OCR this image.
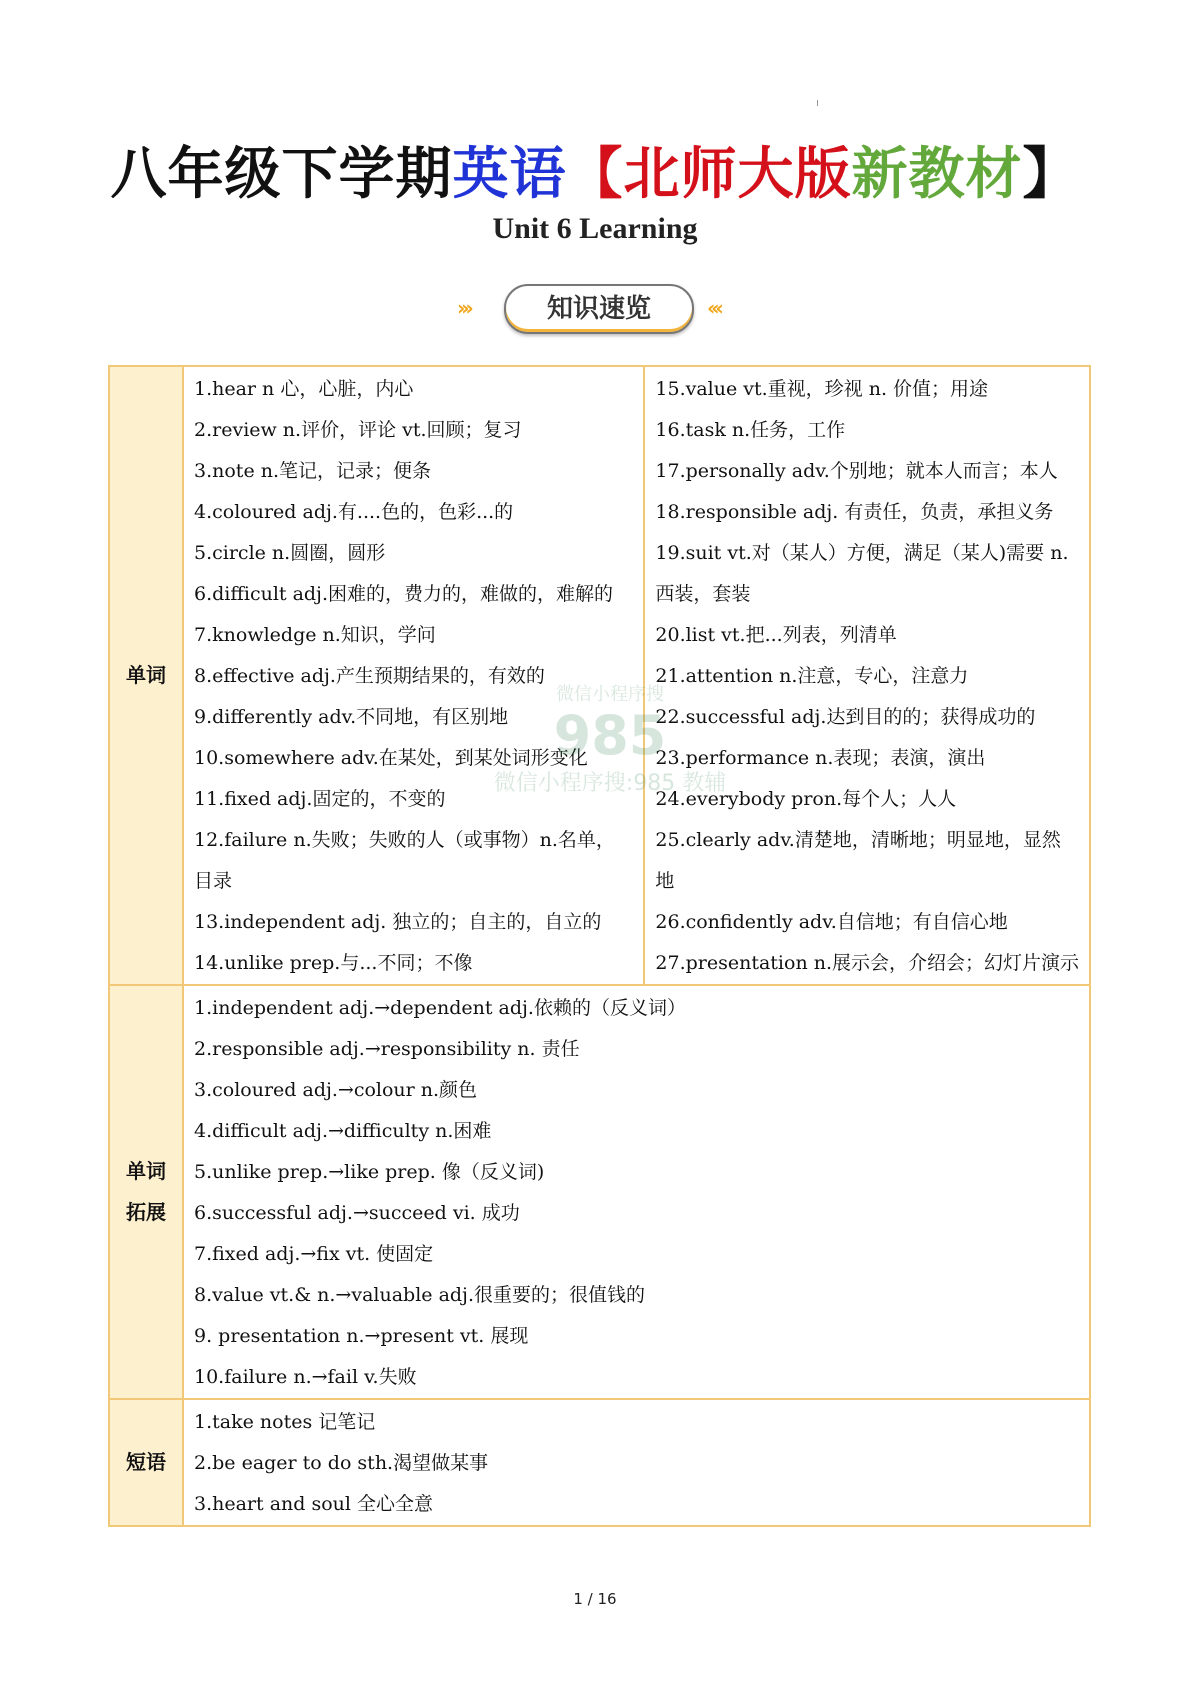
八年级下学期英语【北师大版新教材】
Unit 6 Learning
›››	知识速览	‹‹‹
单词
1.hear n 心，心脏，内心
2.review n.评价，评论 vt.回顾；复习
3.note n.笔记，记录；便条
4.coloured adj.有....色的，色彩...的
5.circle n.圆圈，圆形
6.difficult adj.困难的，费力的，难做的，难解的
7.knowledge n.知识，学问
8.effective adj.产生预期结果的，有效的
9.differently adv.不同地，有区别地
10.somewhere adv.在某处，到某处词形变化
11.fixed adj.固定的，不变的
12.failure n.失败；失败的人（或事物）n.名单，
目录
13.independent adj. 独立的；自主的，自立的
14.unlike prep.与...不同；不像
15.value vt.重视，珍视 n. 价值；用途
16.task n.任务，工作
17.personally adv.个别地；就本人而言；本人
18.responsible adj. 有责任，负责，承担义务
19.suit vt.对（某人）方便，满足（某人)需要 n.
西装，套装
20.list vt.把...列表，列清单
21.attention n.注意，专心，注意力
22.successful adj.达到目的的；获得成功的
23.performance n.表现；表演，演出
24.everybody pron.每个人；人人
25.clearly adv.清楚地，清晰地；明显地，显然
地
26.confidently adv.自信地；有自信心地
27.presentation n.展示会，介绍会；幻灯片演示
单词
拓展
1.independent adj.→dependent adj.依赖的（反义词）
2.responsible adj.→responsibility n. 责任
3.coloured adj.→colour n.颜色
4.difficult adj.→difficulty n.困难
5.unlike prep.→like prep. 像（反义词)
6.successful adj.→succeed vi. 成功
7.fixed adj.→fix vt. 使固定
8.value vt.& n.→valuable adj.很重要的；很值钱的
9. presentation n.→present vt. 展现
10.failure n.→fail v.失败
短语
1.take notes 记笔记
2.be eager to do sth.渴望做某事
3.heart and soul 全心全意
微信小程序搜
985
微信小程序搜:985 教辅
1 / 16
